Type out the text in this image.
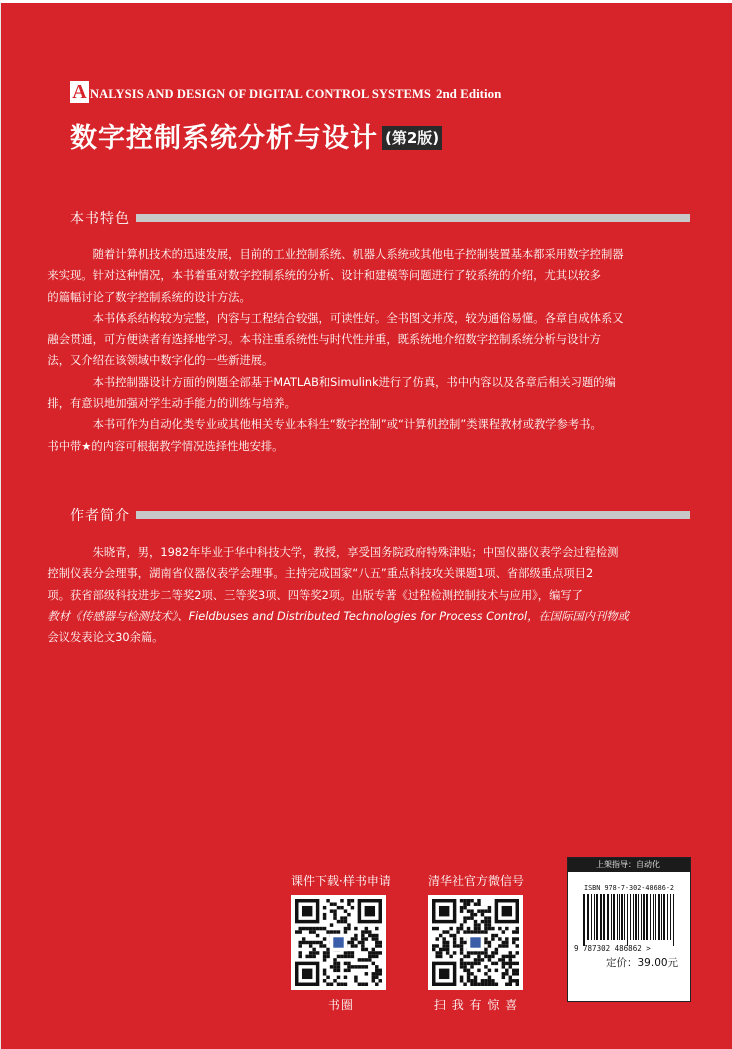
A NALYSIS AND DESIGN OF DIGITAL CONTROL SYSTEMS 2nd Edition
数字控制系统分析与设计 (第2版)
本书特色

随着计算机技术的迅速发展，目前的工业控制系统、机器人系统或其他电子控制装置基本都采用数字控制器
来实现。针对这种情况，本书着重对数字控制系统的分析、设计和建模等问题进行了较系统的介绍，尤其以较多
的篇幅讨论了数字控制系统的设计方法。

本书体系结构较为完整，内容与工程结合较强，可读性好。全书图文并茂，较为通俗易懂。各章自成体系又
融会贯通，可方便读者有选择地学习。本书注重系统性与时代性并重，既系统地介绍数字控制系统分析与设计方
法，又介绍在该领域中数字化的一些新进展。

本书控制器设计方面的例题全部基于MATLAB和Simulink进行了仿真，书中内容以及各章后相关习题的编
排，有意识地加强对学生动手能力的训练与培养。

本书可作为自动化类专业或其他相关专业本科生“数字控制”或“计算机控制”类课程教材或教学参考书。
书中带★的内容可根据教学情况选择性地安排。

作者简介

朱晓青，男，1982年毕业于华中科技大学，教授，享受国务院政府特殊津贴；中国仪器仪表学会过程检测
控制仪表分会理事，湖南省仪器仪表学会理事。主持完成国家“八五”重点科技攻关课题1项、省部级重点项目2
项。获省部级科技进步二等奖2项、三等奖3项、四等奖2项。出版专著《过程检测控制技术与应用》，编写了
教材《传感器与检测技术》、Fieldbuses and Distributed Technologies for Process Control，在国际国内刊物或
会议发表论文30余篇。

课件下载·样书申请
书圈
清华社官方微信号
扫 我 有 惊 喜
上架指导：自动化
ISBN 978-7-302-48686-2
9 787302 486862 >
定价：39.00元
